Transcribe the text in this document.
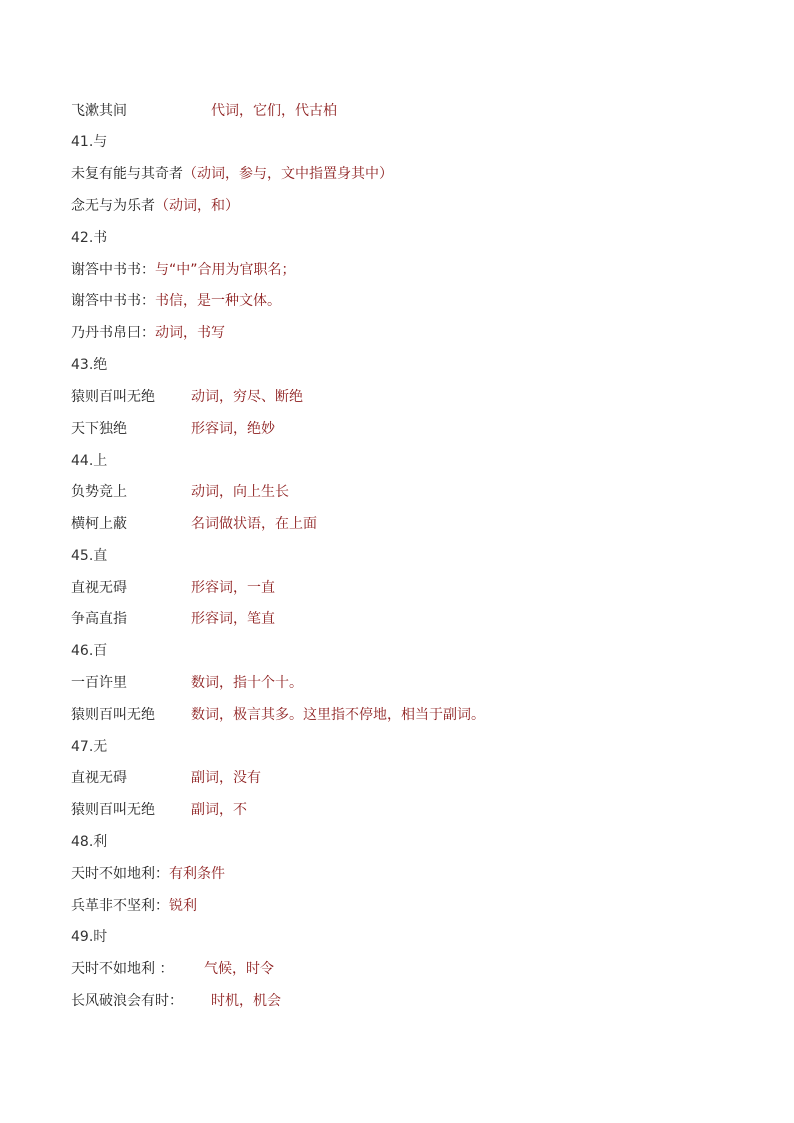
飞漱其间	代词，它们，代古柏
41.与
未复有能与其奇者（动词，参与，文中指置身其中）
念无与为乐者（动词，和）
42.书
谢答中书书：与“中”合用为官职名；
谢答中书书：书信，是一种文体。
乃丹书帛曰：动词，书写
43.绝
猿则百叫无绝	动词，穷尽、断绝
天下独绝	形容词，绝妙
44.上
负势竞上	动词，向上生长
横柯上蔽	名词做状语，在上面
45.直
直视无碍	形容词，一直
争高直指	形容词，笔直
46.百
一百许里	数词，指十个十。
猿则百叫无绝	数词，极言其多。这里指不停地，相当于副词。
47.无
直视无碍	副词，没有
猿则百叫无绝	副词，不
48.利
天时不如地利：有利条件
兵革非不坚利：锐利
49.时
天时不如地利 ： 气候，时令
长风破浪会有时： 时机，机会
